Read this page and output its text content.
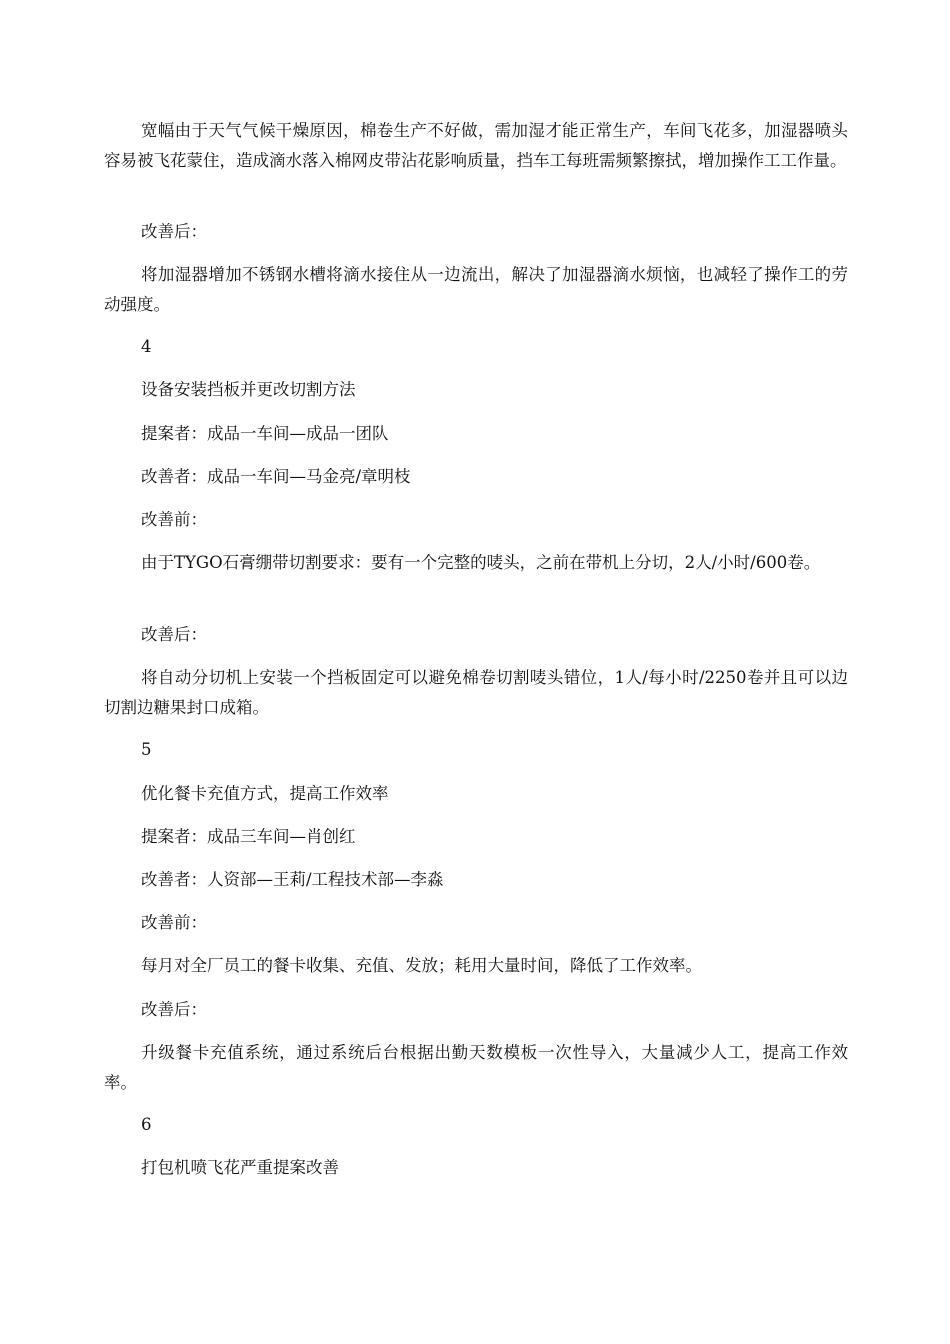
宽幅由于天气气候干燥原因，棉卷生产不好做，需加湿才能正常生产，车间飞花多，加湿器喷头容易被飞花蒙住，造成滴水落入棉网皮带沾花影响质量，挡车工每班需频繁擦拭，增加操作工工作量。

改善后：

将加湿器增加不锈钢水槽将滴水接住从一边流出，解决了加湿器滴水烦恼，也减轻了操作工的劳动强度。

4

设备安装挡板并更改切割方法

提案者：成品一车间—成品一团队

改善者：成品一车间—马金亮/章明枝

改善前：

由于TYGO石膏绷带切割要求：要有一个完整的唛头，之前在带机上分切，2人/小时/600卷。

改善后：

将自动分切机上安装一个挡板固定可以避免棉卷切割唛头错位，1人/每小时/2250卷并且可以边切割边糖果封口成箱。

5

优化餐卡充值方式，提高工作效率

提案者：成品三车间—肖创红

改善者：人资部—王莉/工程技术部—李淼

改善前：

每月对全厂员工的餐卡收集、充值、发放；耗用大量时间，降低了工作效率。

改善后：

升级餐卡充值系统，通过系统后台根据出勤天数模板一次性导入，大量减少人工，提高工作效率。

6

打包机喷飞花严重提案改善
